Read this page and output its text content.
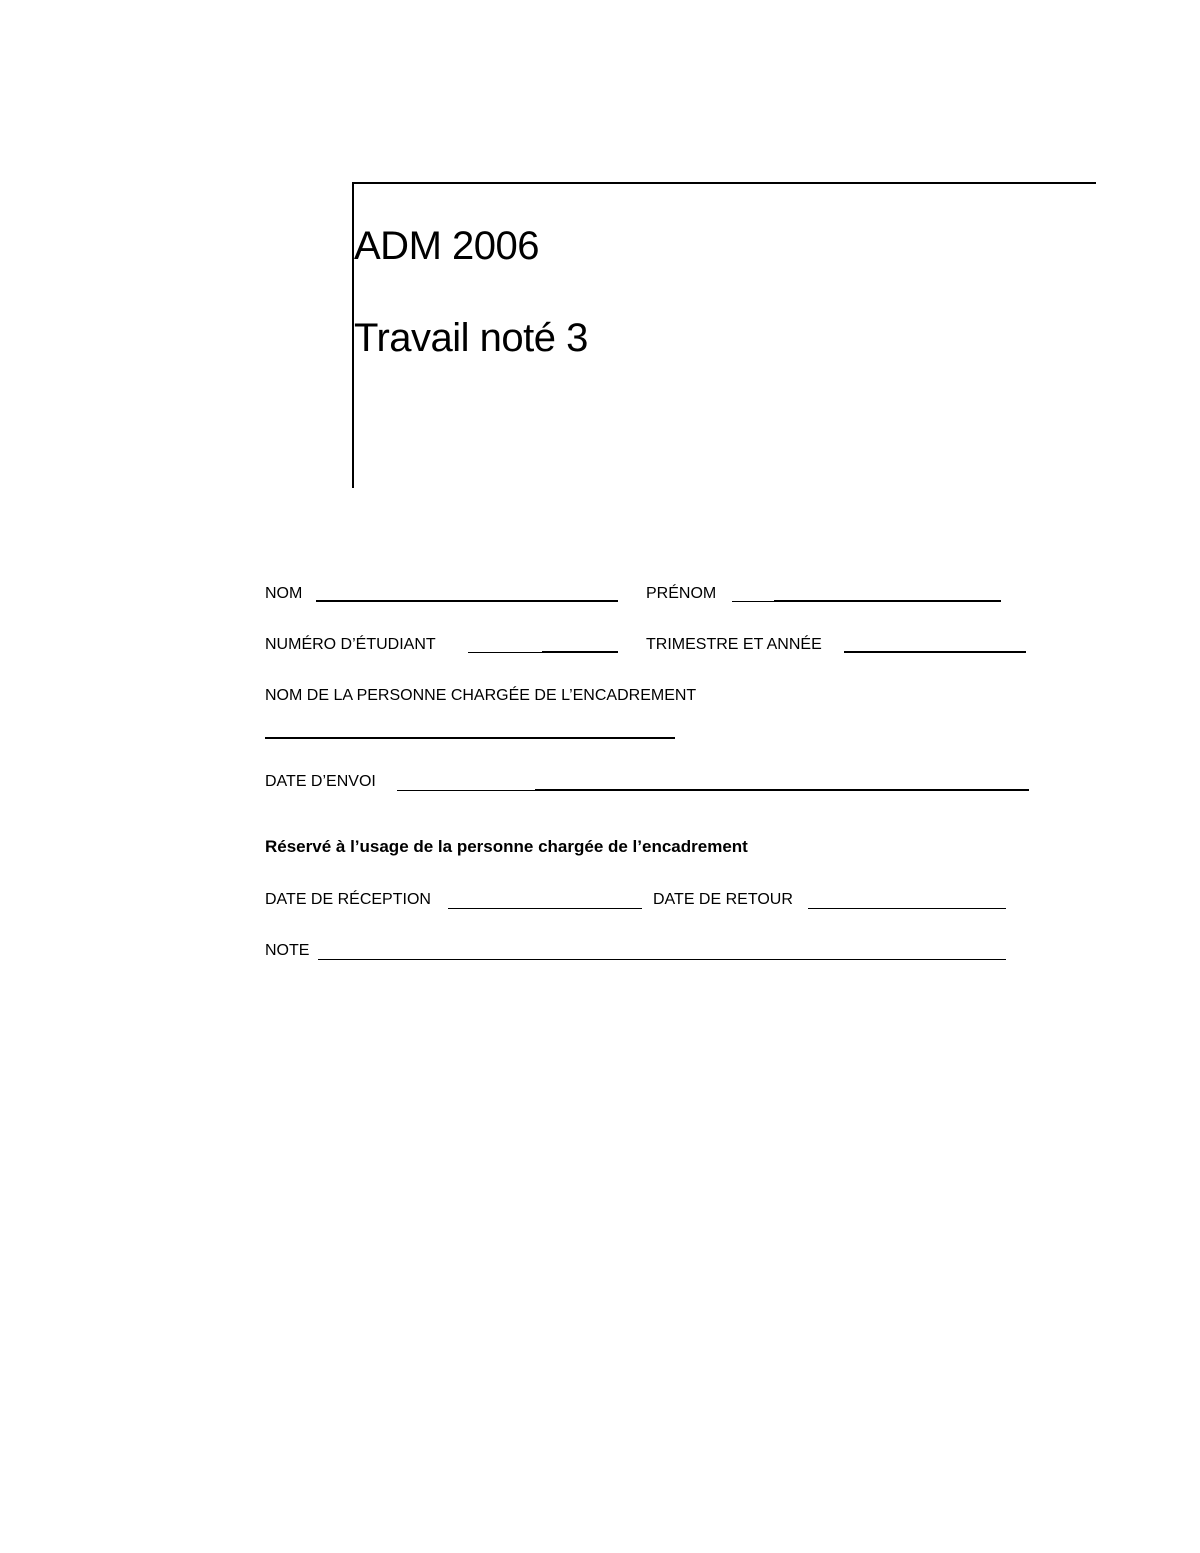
ADM 2006
Travail noté 3
NOM	PRÉNOM
NUMÉRO D’ÉTUDIANT	TRIMESTRE ET ANNÉE
NOM DE LA PERSONNE CHARGÉE DE L’ENCADREMENT
DATE D’ENVOI
Réservé à l’usage de la personne chargée de l’encadrement
DATE DE RÉCEPTION	DATE DE RETOUR
NOTE
